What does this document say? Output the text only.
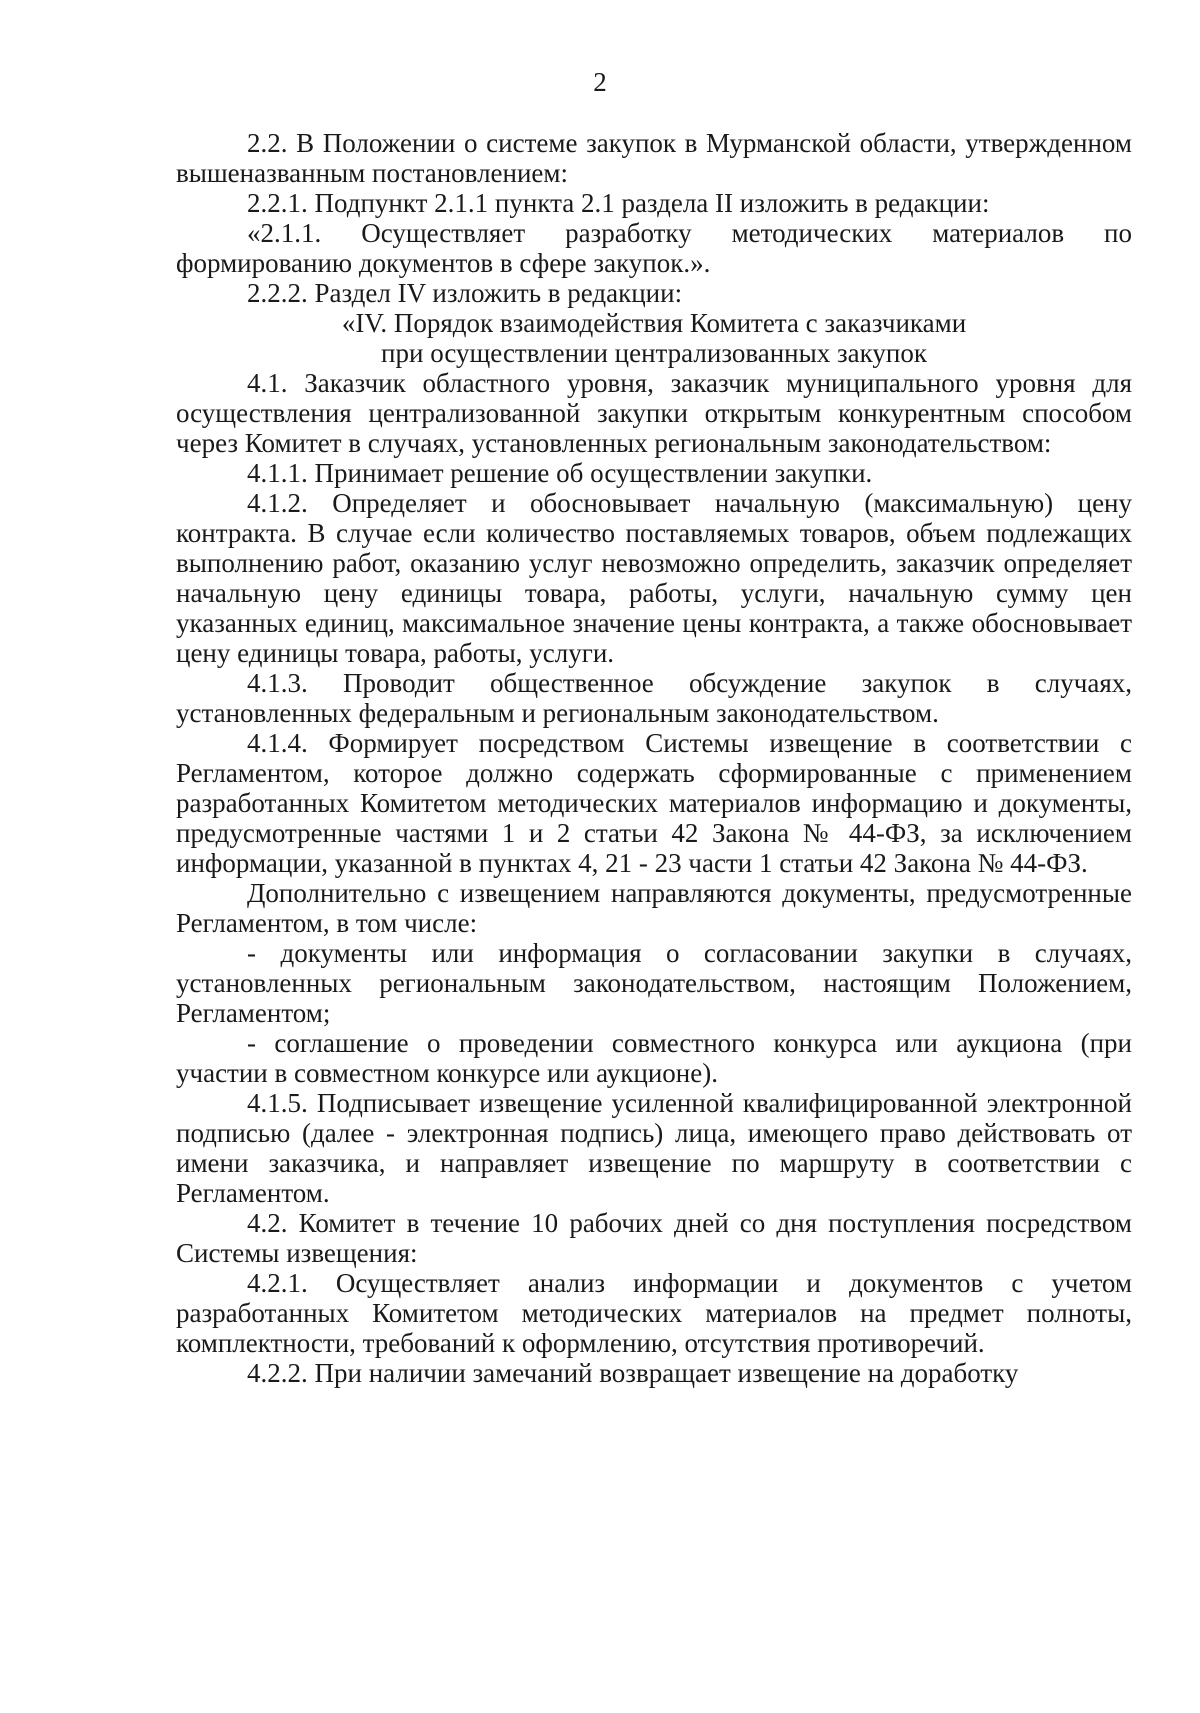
2

2.2. В Положении о системе закупок в Мурманской области, утвержденном вышеназванным постановлением:

2.2.1. Подпункт 2.1.1 пункта 2.1 раздела II изложить в редакции:

«2.1.1. Осуществляет разработку методических материалов по формированию документов в сфере закупок.».

2.2.2. Раздел IV изложить в редакции:

«IV. Порядок взаимодействия Комитета с заказчиками

при осуществлении централизованных закупок

4.1. Заказчик областного уровня, заказчик муниципального уровня для осуществления централизованной закупки открытым конкурентным способом через Комитет в случаях, установленных региональным законодательством:

4.1.1. Принимает решение об осуществлении закупки.

4.1.2. Определяет и обосновывает начальную (максимальную) цену контракта. В случае если количество поставляемых товаров, объем подлежащих выполнению работ, оказанию услуг невозможно определить, заказчик определяет начальную цену единицы товара, работы, услуги, начальную сумму цен указанных единиц, максимальное значение цены контракта, а также обосновывает цену единицы товара, работы, услуги.

4.1.3. Проводит общественное обсуждение закупок в случаях, установленных федеральным и региональным законодательством.

4.1.4. Формирует посредством Системы извещение в соответствии с Регламентом, которое должно содержать сформированные с применением разработанных Комитетом методических материалов информацию и документы, предусмотренные частями 1 и 2 статьи 42 Закона № 44-ФЗ, за исключением информации, указанной в пунктах 4, 21 - 23 части 1 статьи 42 Закона № 44-ФЗ.

Дополнительно с извещением направляются документы, предусмотренные Регламентом, в том числе:

- документы или информация о согласовании закупки в случаях, установленных региональным законодательством, настоящим Положением, Регламентом;

- соглашение о проведении совместного конкурса или аукциона (при участии в совместном конкурсе или аукционе).

4.1.5. Подписывает извещение усиленной квалифицированной электронной подписью (далее - электронная подпись) лица, имеющего право действовать от имени заказчика, и направляет извещение по маршруту в соответствии с Регламентом.

4.2. Комитет в течение 10 рабочих дней со дня поступления посредством Системы извещения:

4.2.1. Осуществляет анализ информации и документов с учетом разработанных Комитетом методических материалов на предмет полноты, комплектности, требований к оформлению, отсутствия противоречий.

4.2.2. При наличии замечаний возвращает извещение на доработку
